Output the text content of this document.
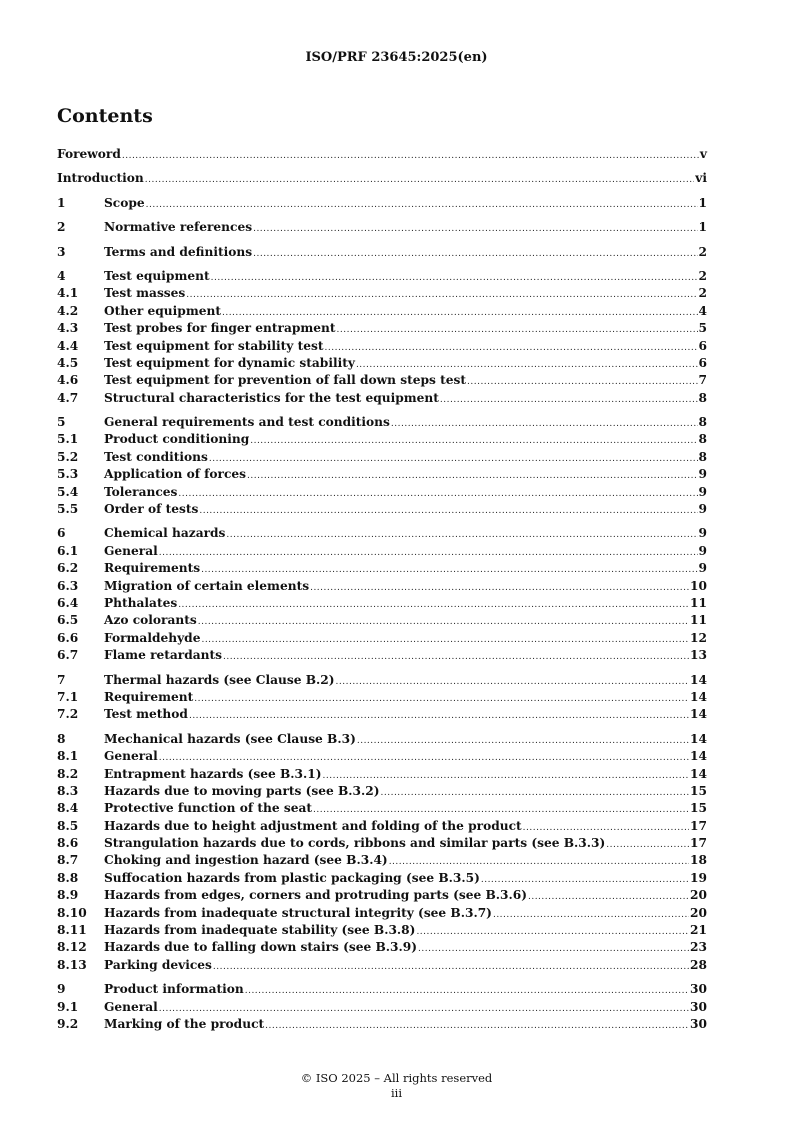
ISO/PRF 23645:2025(en)
Contents
Foreword .....	v
Introduction .....	vi
1	Scope .....	1
2	Normative references .....	1
3	Terms and definitions .....	2
4	Test equipment .....	2
4.1	Test masses .....	2
4.2	Other equipment .....	4
4.3	Test probes for finger entrapment .....	5
4.4	Test equipment for stability test .....	6
4.5	Test equipment for dynamic stability .....	6
4.6	Test equipment for prevention of fall down steps test .....	7
4.7	Structural characteristics for the test equipment .....	8
5	General requirements and test conditions .....	8
5.1	Product conditioning .....	8
5.2	Test conditions .....	8
5.3	Application of forces .....	9
5.4	Tolerances .....	9
5.5	Order of tests .....	9
6	Chemical hazards .....	9
6.1	General .....	9
6.2	Requirements .....	9
6.3	Migration of certain elements .....	10
6.4	Phthalates .....	11
6.5	Azo colorants .....	11
6.6	Formaldehyde .....	12
6.7	Flame retardants .....	13
7	Thermal hazards (see Clause B.2) .....	14
7.1	Requirement .....	14
7.2	Test method .....	14
8	Mechanical hazards (see Clause B.3) .....	14
8.1	General .....	14
8.2	Entrapment hazards (see B.3.1) .....	14
8.3	Hazards due to moving parts (see B.3.2) .....	15
8.4	Protective function of the seat .....	15
8.5	Hazards due to height adjustment and folding of the product .....	17
8.6	Strangulation hazards due to cords, ribbons and similar parts (see B.3.3) .....	17
8.7	Choking and ingestion hazard (see B.3.4) .....	18
8.8	Suffocation hazards from plastic packaging (see B.3.5) .....	19
8.9	Hazards from edges, corners and protruding parts (see B.3.6) .....	20
8.10	Hazards from inadequate structural integrity (see B.3.7) .....	20
8.11	Hazards from inadequate stability (see B.3.8) .....	21
8.12	Hazards due to falling down stairs (see B.3.9) .....	23
8.13	Parking devices .....	28
9	Product information .....	30
9.1	General .....	30
9.2	Marking of the product .....	30
© ISO 2025 – All rights reserved
iii
